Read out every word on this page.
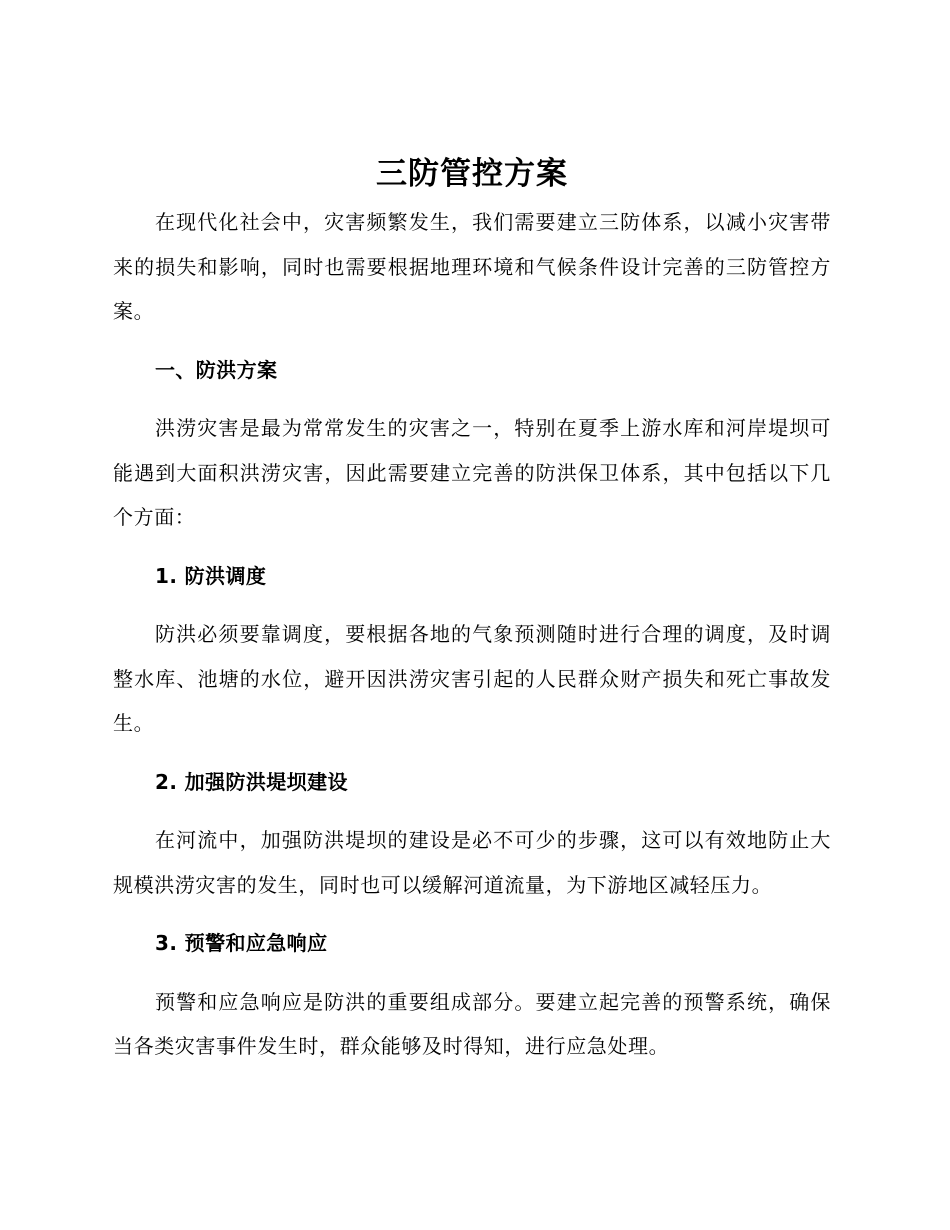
三防管控方案

在现代化社会中，灾害频繁发生，我们需要建立三防体系，以减小灾害带来的损失和影响，同时也需要根据地理环境和气候条件设计完善的三防管控方案。

一、防洪方案

洪涝灾害是最为常常发生的灾害之一，特别在夏季上游水库和河岸堤坝可能遇到大面积洪涝灾害，因此需要建立完善的防洪保卫体系，其中包括以下几个方面：

1. 防洪调度

防洪必须要靠调度，要根据各地的气象预测随时进行合理的调度，及时调整水库、池塘的水位，避开因洪涝灾害引起的人民群众财产损失和死亡事故发生。

2. 加强防洪堤坝建设

在河流中，加强防洪堤坝的建设是必不可少的步骤，这可以有效地防止大规模洪涝灾害的发生，同时也可以缓解河道流量，为下游地区减轻压力。

3. 预警和应急响应

预警和应急响应是防洪的重要组成部分。要建立起完善的预警系统，确保当各类灾害事件发生时，群众能够及时得知，进行应急处理。
